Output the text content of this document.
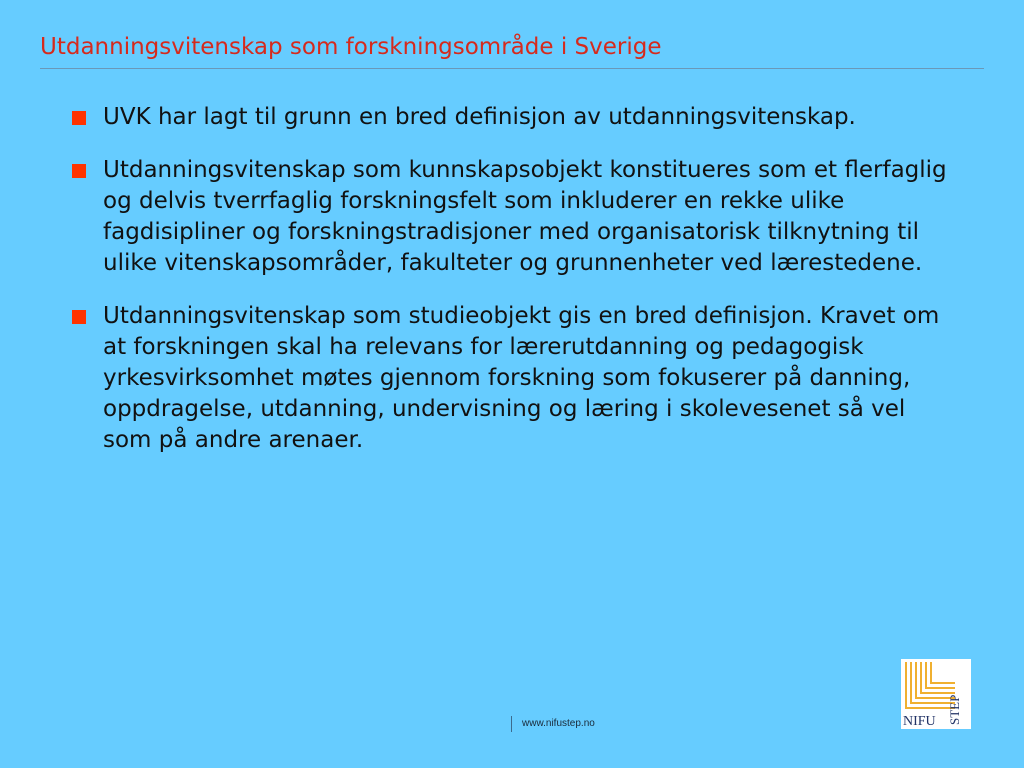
Utdanningsvitenskap som forskningsområde i Sverige
UVK har lagt til grunn en bred definisjon av utdanningsvitenskap.
Utdanningsvitenskap som kunnskapsobjekt konstitueres som et flerfaglig og delvis tverrfaglig forskningsfelt som inkluderer en rekke ulike fagdisipliner og forskningstradisjoner med organisatorisk tilknytning til ulike vitenskapsområder, fakulteter og grunnenheter ved lærestedene.
Utdanningsvitenskap som studieobjekt gis en bred definisjon. Kravet om at forskningen skal ha relevans for lærerutdanning og pedagogisk yrkesvirksomhet møtes gjennom forskning som fokuserer på danning, oppdragelse, utdanning, undervisning og læring i skolevesenet så vel som på andre arenaer.
www.nifustep.no	NIFU STEP
